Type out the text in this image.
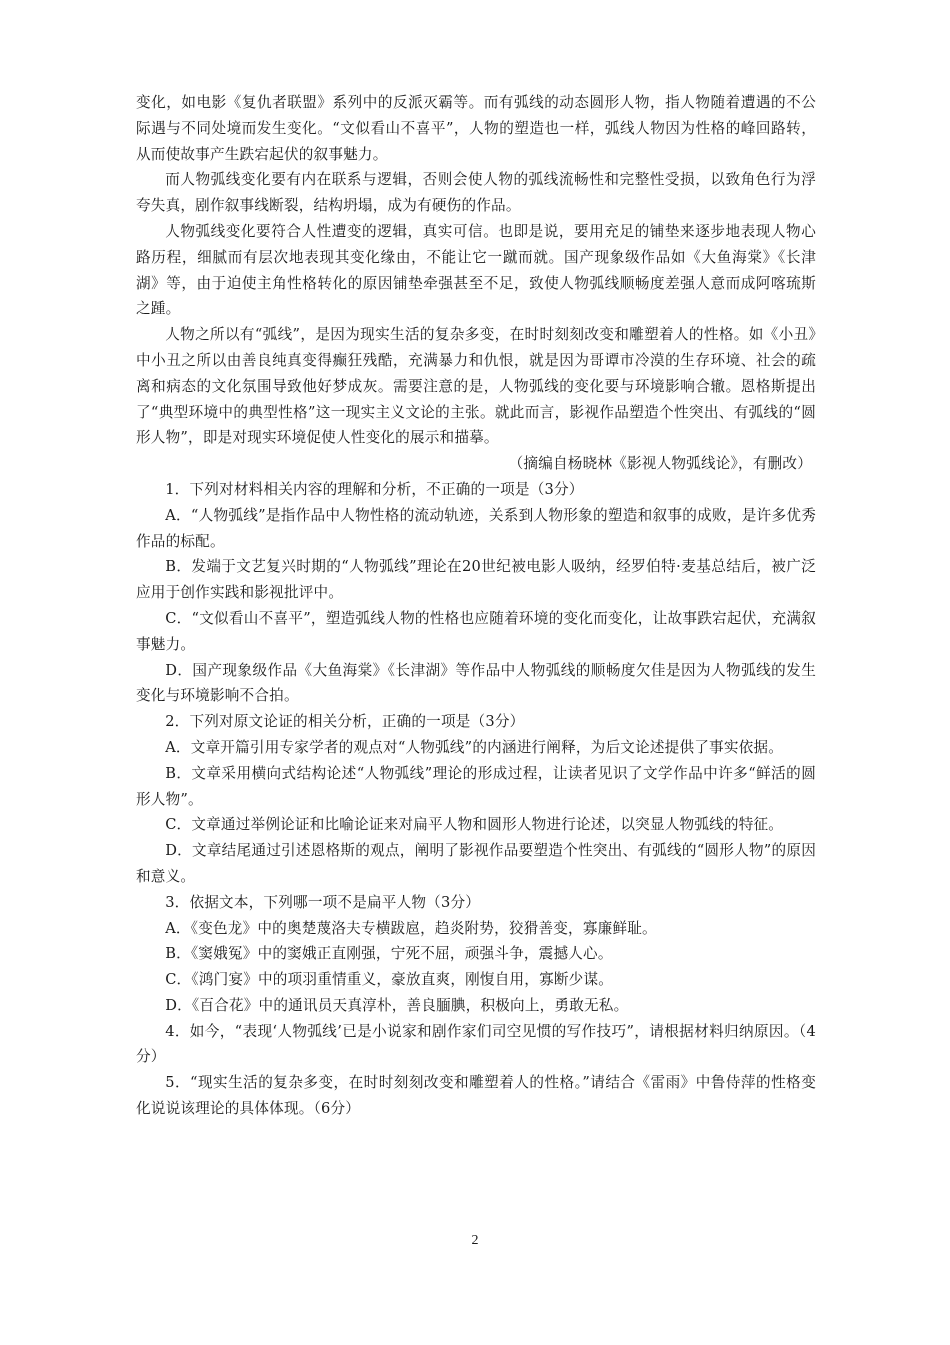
变化，如电影《复仇者联盟》系列中的反派灭霸等。而有弧线的动态圆形人物，指人物随着遭遇的不公际遇与不同处境而发生变化。“文似看山不喜平”，人物的塑造也一样，弧线人物因为性格的峰回路转，从而使故事产生跌宕起伏的叙事魅力。

而人物弧线变化要有内在联系与逻辑，否则会使人物的弧线流畅性和完整性受损，以致角色行为浮夸失真，剧作叙事线断裂，结构坍塌，成为有硬伤的作品。

人物弧线变化要符合人性遭变的逻辑，真实可信。也即是说，要用充足的铺垫来逐步地表现人物心路历程，细腻而有层次地表现其变化缘由，不能让它一蹴而就。国产现象级作品如《大鱼海棠》《长津湖》等，由于迫使主角性格转化的原因铺垫牵强甚至不足，致使人物弧线顺畅度差强人意而成阿喀琉斯之踵。

人物之所以有“弧线”，是因为现实生活的复杂多变，在时时刻刻改变和雕塑着人的性格。如《小丑》中小丑之所以由善良纯真变得癫狂残酷，充满暴力和仇恨，就是因为哥谭市冷漠的生存环境、社会的疏离和病态的文化氛围导致他好梦成灰。需要注意的是，人物弧线的变化要与环境影响合辙。恩格斯提出了“典型环境中的典型性格”这一现实主义文论的主张。就此而言，影视作品塑造个性突出、有弧线的“圆形人物”，即是对现实环境促使人性变化的展示和描摹。

（摘编自杨晓林《影视人物弧线论》，有删改）

1．下列对材料相关内容的理解和分析，不正确的一项是（3分）

A．“人物弧线”是指作品中人物性格的流动轨迹，关系到人物形象的塑造和叙事的成败，是许多优秀作品的标配。

B．发端于文艺复兴时期的“人物弧线”理论在20世纪被电影人吸纳，经罗伯特·麦基总结后，被广泛应用于创作实践和影视批评中。

C．“文似看山不喜平”，塑造弧线人物的性格也应随着环境的变化而变化，让故事跌宕起伏，充满叙事魅力。

D．国产现象级作品《大鱼海棠》《长津湖》等作品中人物弧线的顺畅度欠佳是因为人物弧线的发生变化与环境影响不合拍。

2．下列对原文论证的相关分析，正确的一项是（3分）

A．文章开篇引用专家学者的观点对“人物弧线”的内涵进行阐释，为后文论述提供了事实依据。

B．文章采用横向式结构论述“人物弧线”理论的形成过程，让读者见识了文学作品中许多“鲜活的圆形人物”。

C．文章通过举例论证和比喻论证来对扁平人物和圆形人物进行论述，以突显人物弧线的特征。

D．文章结尾通过引述恩格斯的观点，阐明了影视作品要塑造个性突出、有弧线的“圆形人物”的原因和意义。

3．依据文本，下列哪一项不是扁平人物（3分）

A．《变色龙》中的奥楚蔑洛夫专横跋扈，趋炎附势，狡猾善变，寡廉鲜耻。

B．《窦娥冤》中的窦娥正直刚强，宁死不屈，顽强斗争，震撼人心。

C．《鸿门宴》中的项羽重情重义，豪放直爽，刚愎自用，寡断少谋。

D．《百合花》中的通讯员天真淳朴，善良腼腆，积极向上，勇敢无私。

4．如今，“表现‘人物弧线’已是小说家和剧作家们司空见惯的写作技巧”，请根据材料归纳原因。（4分）

5．“现实生活的复杂多变，在时时刻刻改变和雕塑着人的性格。”请结合《雷雨》中鲁侍萍的性格变化说说该理论的具体体现。（6分）

2
